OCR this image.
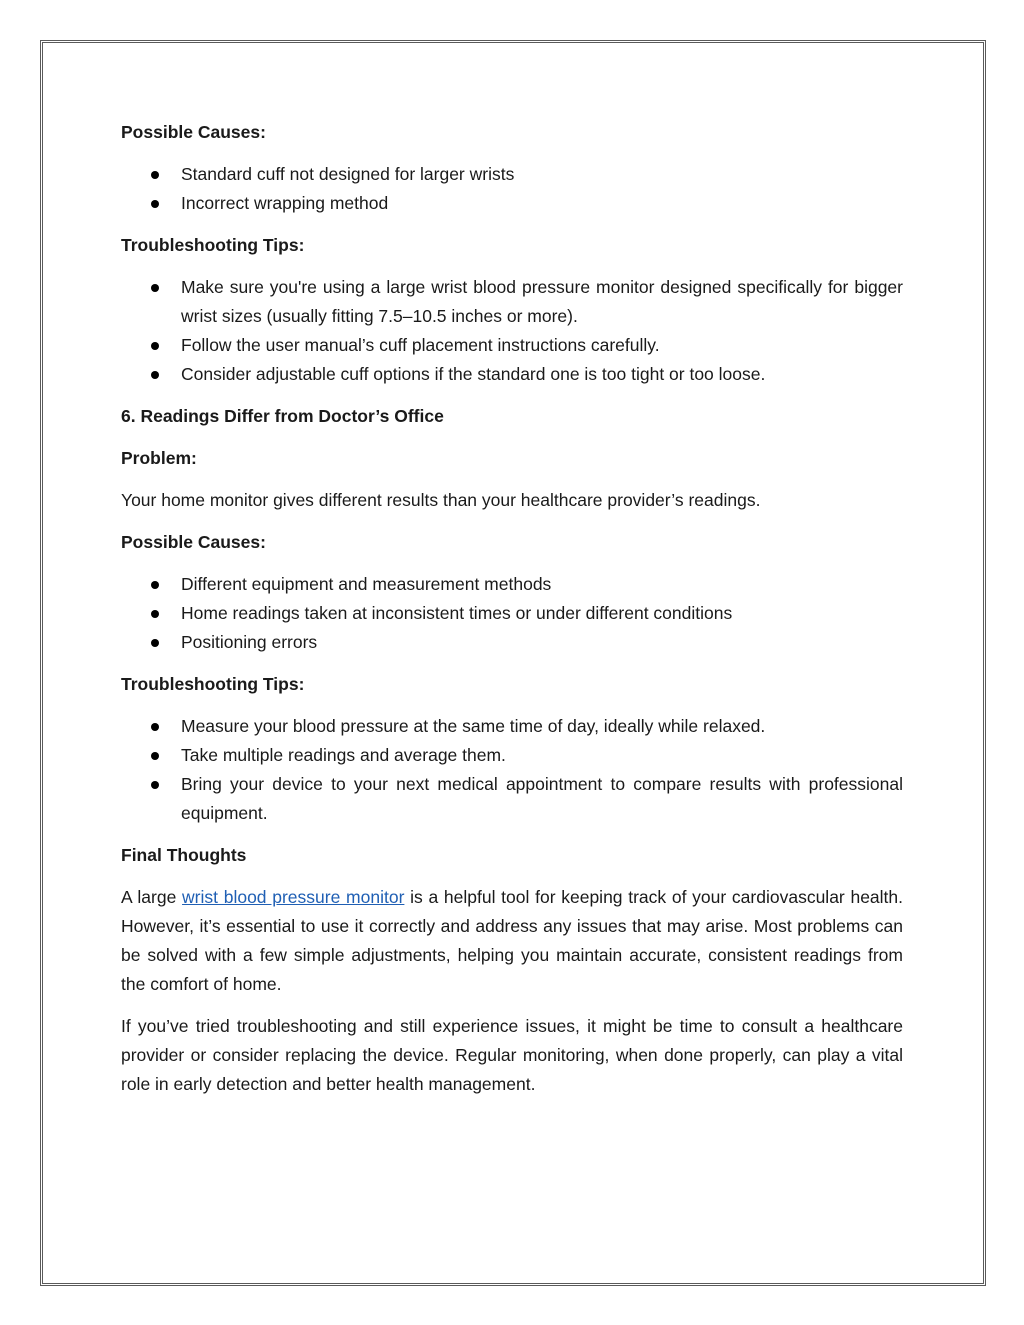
Possible Causes:

Standard cuff not designed for larger wrists
Incorrect wrapping method

Troubleshooting Tips:

Make sure you're using a large wrist blood pressure monitor designed specifically for bigger wrist sizes (usually fitting 7.5–10.5 inches or more).
Follow the user manual’s cuff placement instructions carefully.
Consider adjustable cuff options if the standard one is too tight or too loose.

6. Readings Differ from Doctor’s Office

Problem:

Your home monitor gives different results than your healthcare provider’s readings.

Possible Causes:

Different equipment and measurement methods
Home readings taken at inconsistent times or under different conditions
Positioning errors

Troubleshooting Tips:

Measure your blood pressure at the same time of day, ideally while relaxed.
Take multiple readings and average them.
Bring your device to your next medical appointment to compare results with professional equipment.

Final Thoughts

A large wrist blood pressure monitor is a helpful tool for keeping track of your cardiovascular health. However, it’s essential to use it correctly and address any issues that may arise. Most problems can be solved with a few simple adjustments, helping you maintain accurate, consistent readings from the comfort of home.

If you’ve tried troubleshooting and still experience issues, it might be time to consult a healthcare provider or consider replacing the device. Regular monitoring, when done properly, can play a vital role in early detection and better health management.
